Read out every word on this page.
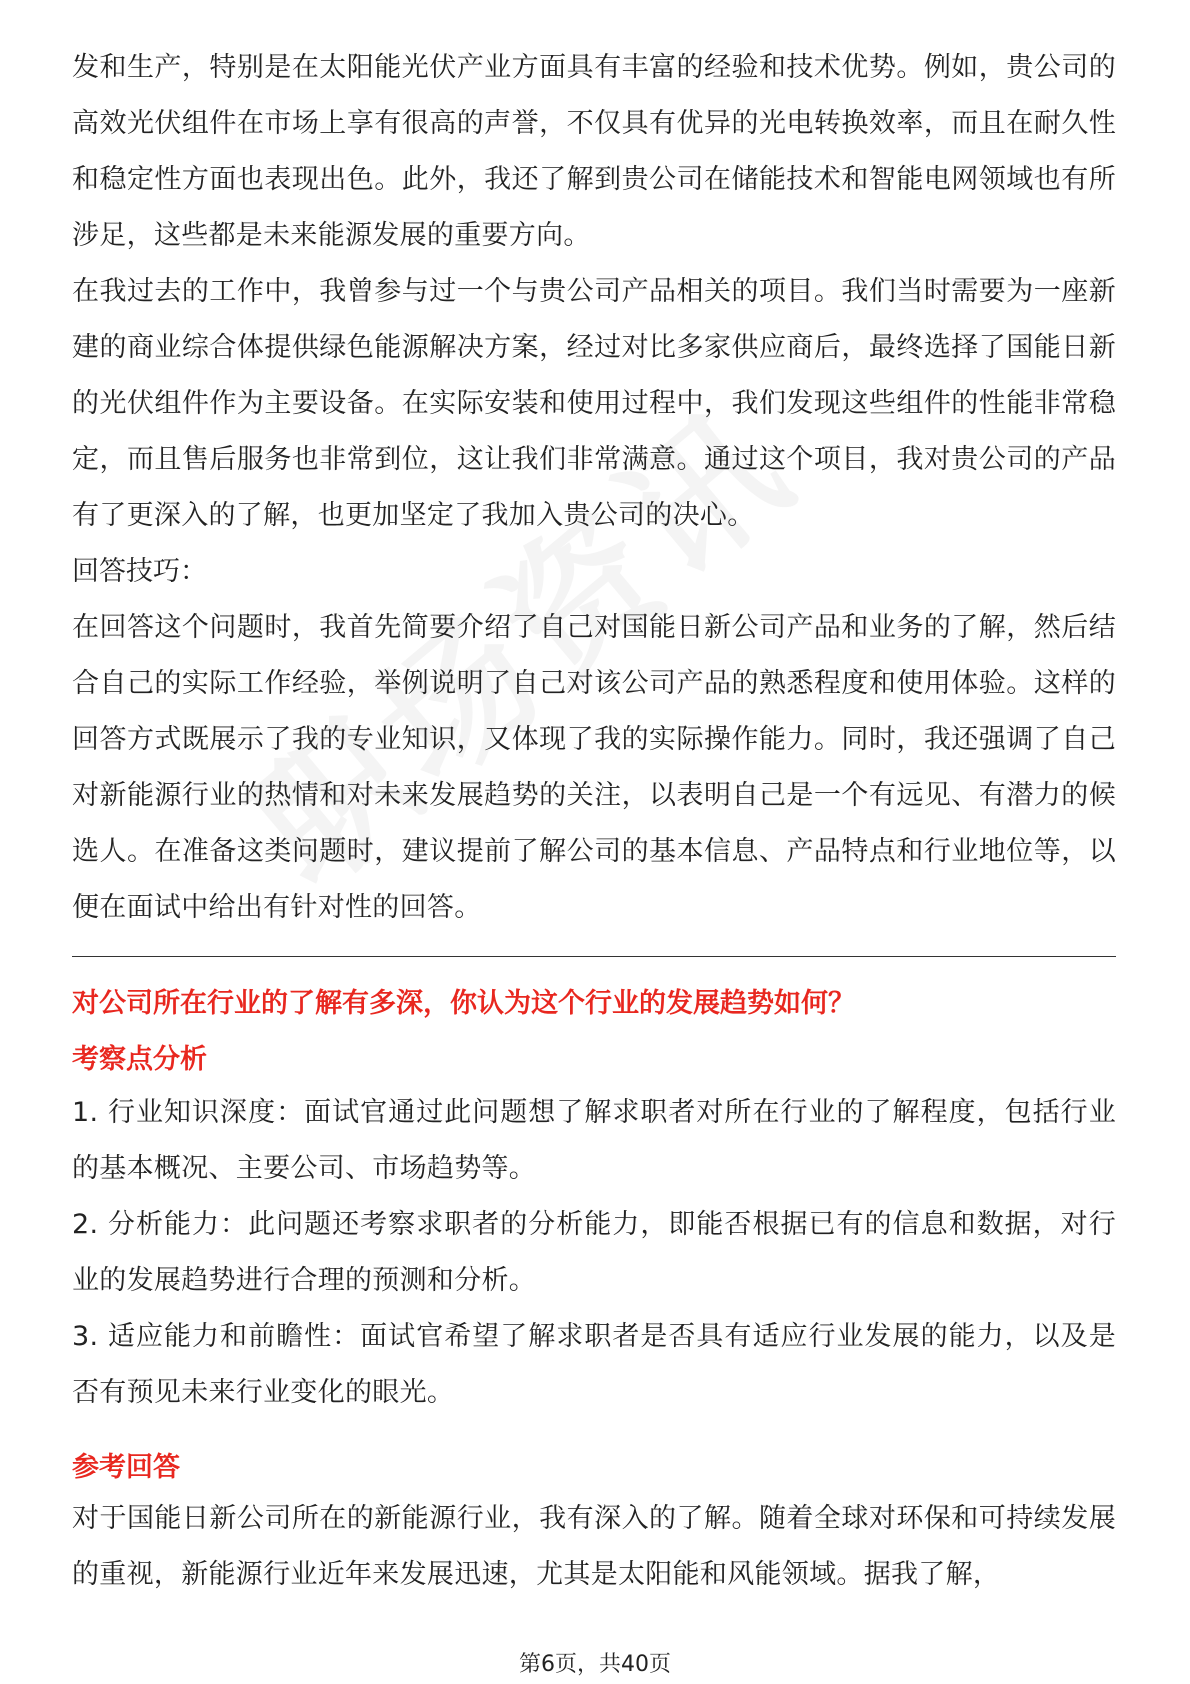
发和生产，特别是在太阳能光伏产业方面具有丰富的经验和技术优势。例如，贵公司的高效光伏组件在市场上享有很高的声誉，不仅具有优异的光电转换效率，而且在耐久性和稳定性方面也表现出色。此外，我还了解到贵公司在储能技术和智能电网领域也有所涉足，这些都是未来能源发展的重要方向。

在我过去的工作中，我曾参与过一个与贵公司产品相关的项目。我们当时需要为一座新建的商业综合体提供绿色能源解决方案，经过对比多家供应商后，最终选择了国能日新的光伏组件作为主要设备。在实际安装和使用过程中，我们发现这些组件的性能非常稳定，而且售后服务也非常到位，这让我们非常满意。通过这个项目，我对贵公司的产品有了更深入的了解，也更加坚定了我加入贵公司的决心。

回答技巧：

在回答这个问题时，我首先简要介绍了自己对国能日新公司产品和业务的了解，然后结合自己的实际工作经验，举例说明了自己对该公司产品的熟悉程度和使用体验。这样的回答方式既展示了我的专业知识，又体现了我的实际操作能力。同时，我还强调了自己对新能源行业的热情和对未来发展趋势的关注，以表明自己是一个有远见、有潜力的候选人。在准备这类问题时，建议提前了解公司的基本信息、产品特点和行业地位等，以便在面试中给出有针对性的回答。

对公司所在行业的了解有多深，你认为这个行业的发展趋势如何？

考察点分析

1. 行业知识深度：面试官通过此问题想了解求职者对所在行业的了解程度，包括行业的基本概况、主要公司、市场趋势等。

2. 分析能力：此问题还考察求职者的分析能力，即能否根据已有的信息和数据，对行业的发展趋势进行合理的预测和分析。

3. 适应能力和前瞻性：面试官希望了解求职者是否具有适应行业发展的能力，以及是否有预见未来行业变化的眼光。

参考回答

对于国能日新公司所在的新能源行业，我有深入的了解。随着全球对环保和可持续发展的重视，新能源行业近年来发展迅速，尤其是太阳能和风能领域。据我了解，

第6页，共40页
